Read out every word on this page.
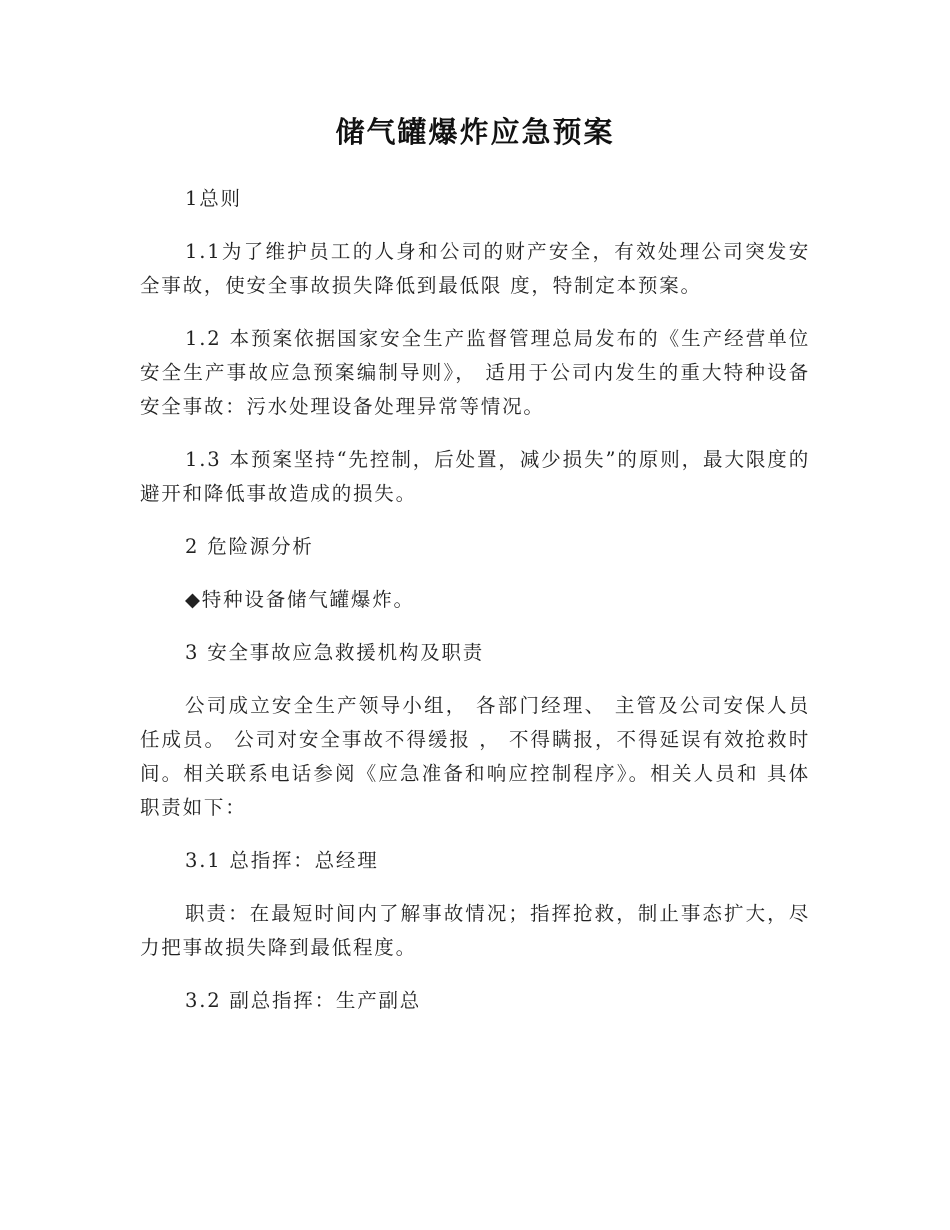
储气罐爆炸应急预案

1总则

1.1为了维护员工的人身和公司的财产安全，有效处理公司突发安全事故，使安全事故损失降低到最低限 度，特制定本预案。

1.2 本预案依据国家安全生产监督管理总局发布的《生产经营单位安全生产事故应急预案编制导则》， 适用于公司内发生的重大特种设备安全事故：污水处理设备处理异常等情况。

1.3 本预案坚持“先控制，后处置，减少损失”的原则，最大限度的避开和降低事故造成的损失。

2 危险源分析

◆特种设备储气罐爆炸。

3 安全事故应急救援机构及职责

公司成立安全生产领导小组， 各部门经理、 主管及公司安保人员任成员。 公司对安全事故不得缓报 ， 不得瞒报，不得延误有效抢救时间。相关联系电话参阅《应急准备和响应控制程序》。相关人员和 具体职责如下：

3.1 总指挥：总经理

职责：在最短时间内了解事故情况；指挥抢救，制止事态扩大，尽力把事故损失降到最低程度。

3.2 副总指挥：生产副总
